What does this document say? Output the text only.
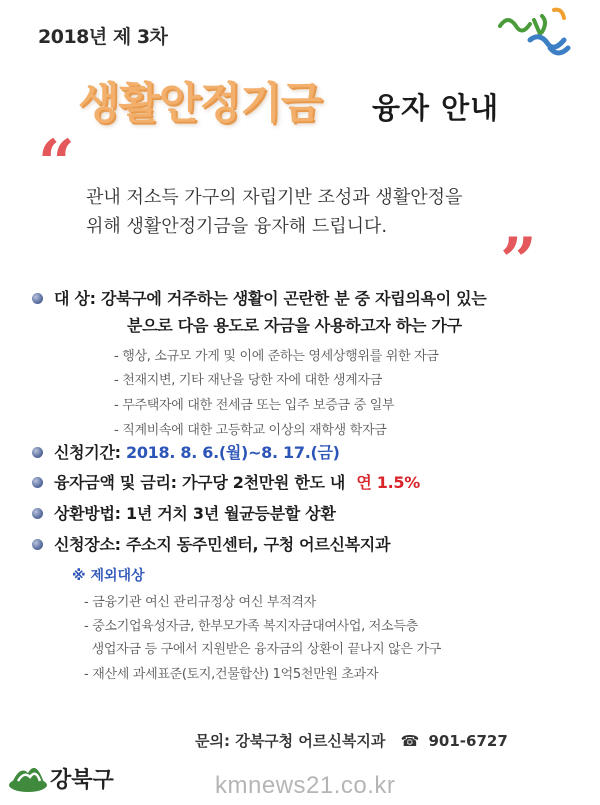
2018년 제 3차
생활안정기금 융자 안내
“ 관내 저소득 가구의 자립기반 조성과 생활안정을
위해 생활안정기금을 융자해 드립니다.	”
대 상: 강북구에 거주하는 생활이 곤란한 분 중 자립의욕이 있는
분으로 다음 용도로 자금을 사용하고자 하는 가구
- 행상, 소규모 가게 및 이에 준하는 영세상행위를 위한 자금
- 천재지변, 기타 재난을 당한 자에 대한 생계자금
- 무주택자에 대한 전세금 또는 입주 보증금 중 일부
- 직계비속에 대한 고등학교 이상의 재학생 학자금
신청기간: 2018. 8. 6.(월)~8. 17.(금)
융자금액 및 금리: 가구당 2천만원 한도 내 연 1.5%
상환방법: 1년 거치 3년 월균등분할 상환
신청장소: 주소지 동주민센터, 구청 어르신복지과
※ 제외대상
- 금융기관 여신 관리규정상 여신 부적격자
- 중소기업육성자금, 한부모가족 복지자금대여사업, 저소득층
생업자금 등 구에서 지원받은 융자금의 상환이 끝나지 않은 가구
- 재산세 과세표준(토지,건물합산) 1억5천만원 초과자
문의: 강북구청 어르신복지과 ☎ 901-6727
강북구	kmnews21.co.kr
